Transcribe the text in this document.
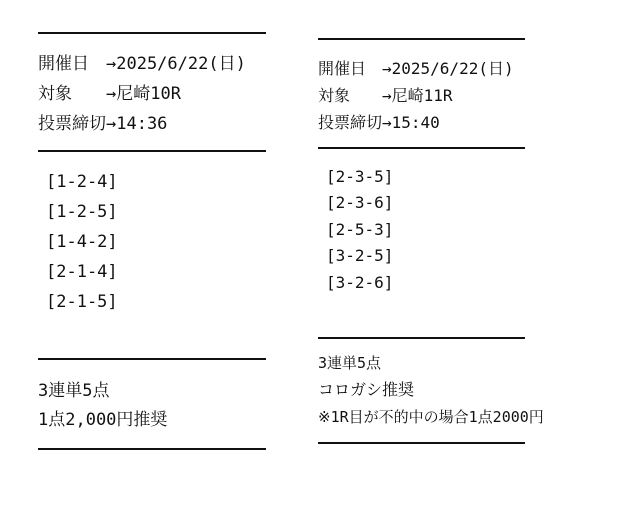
開催日　→2025/6/22(日)
対象　　→尼崎10R
投票締切→14:36
[1-2-4]
[1-2-5]
[1-4-2]
[2-1-4]
[2-1-5]
3連単5点
1点2,000円推奨
開催日　→2025/6/22(日)
対象　　→尼崎11R
投票締切→15:40
[2-3-5]
[2-3-6]
[2-5-3]
[3-2-5]
[3-2-6]
3連単5点
コロガシ推奨
※1R目が不的中の場合1点2000円
